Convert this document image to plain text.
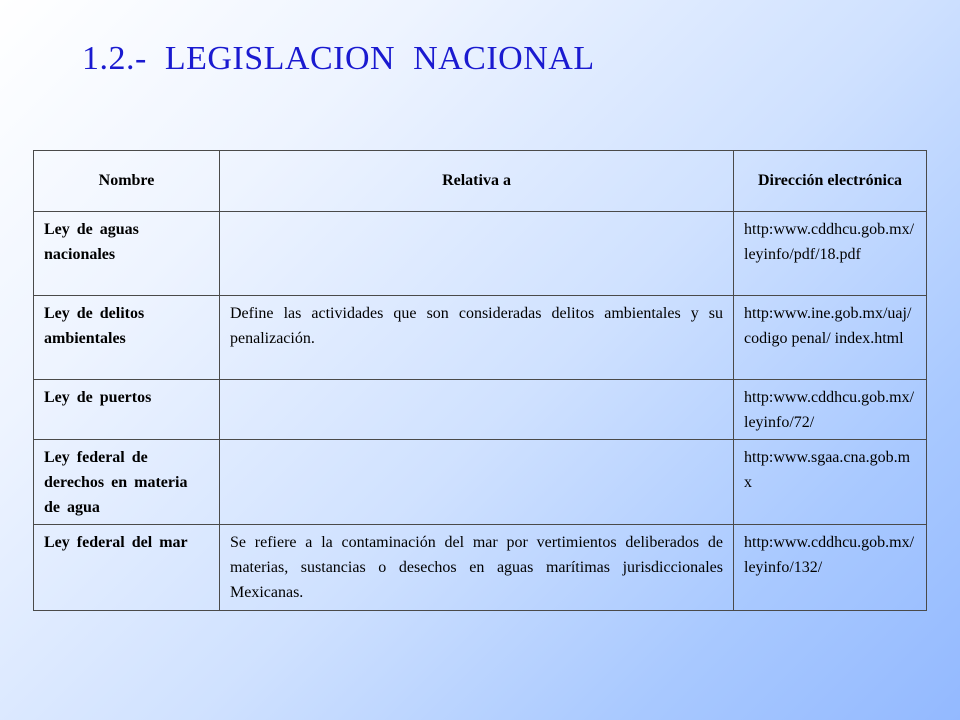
1.2.-  LEGISLACION  NACIONAL
Nombre	Relativa a	Dirección electrónica
Ley de aguas nacionales		http:www.cddhcu.gob.mx/leyinfo/pdf/18.pdf
Ley de delitos ambientales	Define las actividades que son consideradas delitos ambientales y su penalización.	http:www.ine.gob.mx/uaj/codigo penal/ index.html
Ley de puertos		http:www.cddhcu.gob.mx/leyinfo/72/
Ley federal de derechos en materia de agua		http:www.sgaa.cna.gob.mx
Ley federal del mar	Se refiere a la contaminación del mar por vertimientos deliberados de materias, sustancias o desechos en aguas marítimas jurisdiccionales Mexicanas.	http:www.cddhcu.gob.mx/leyinfo/132/
